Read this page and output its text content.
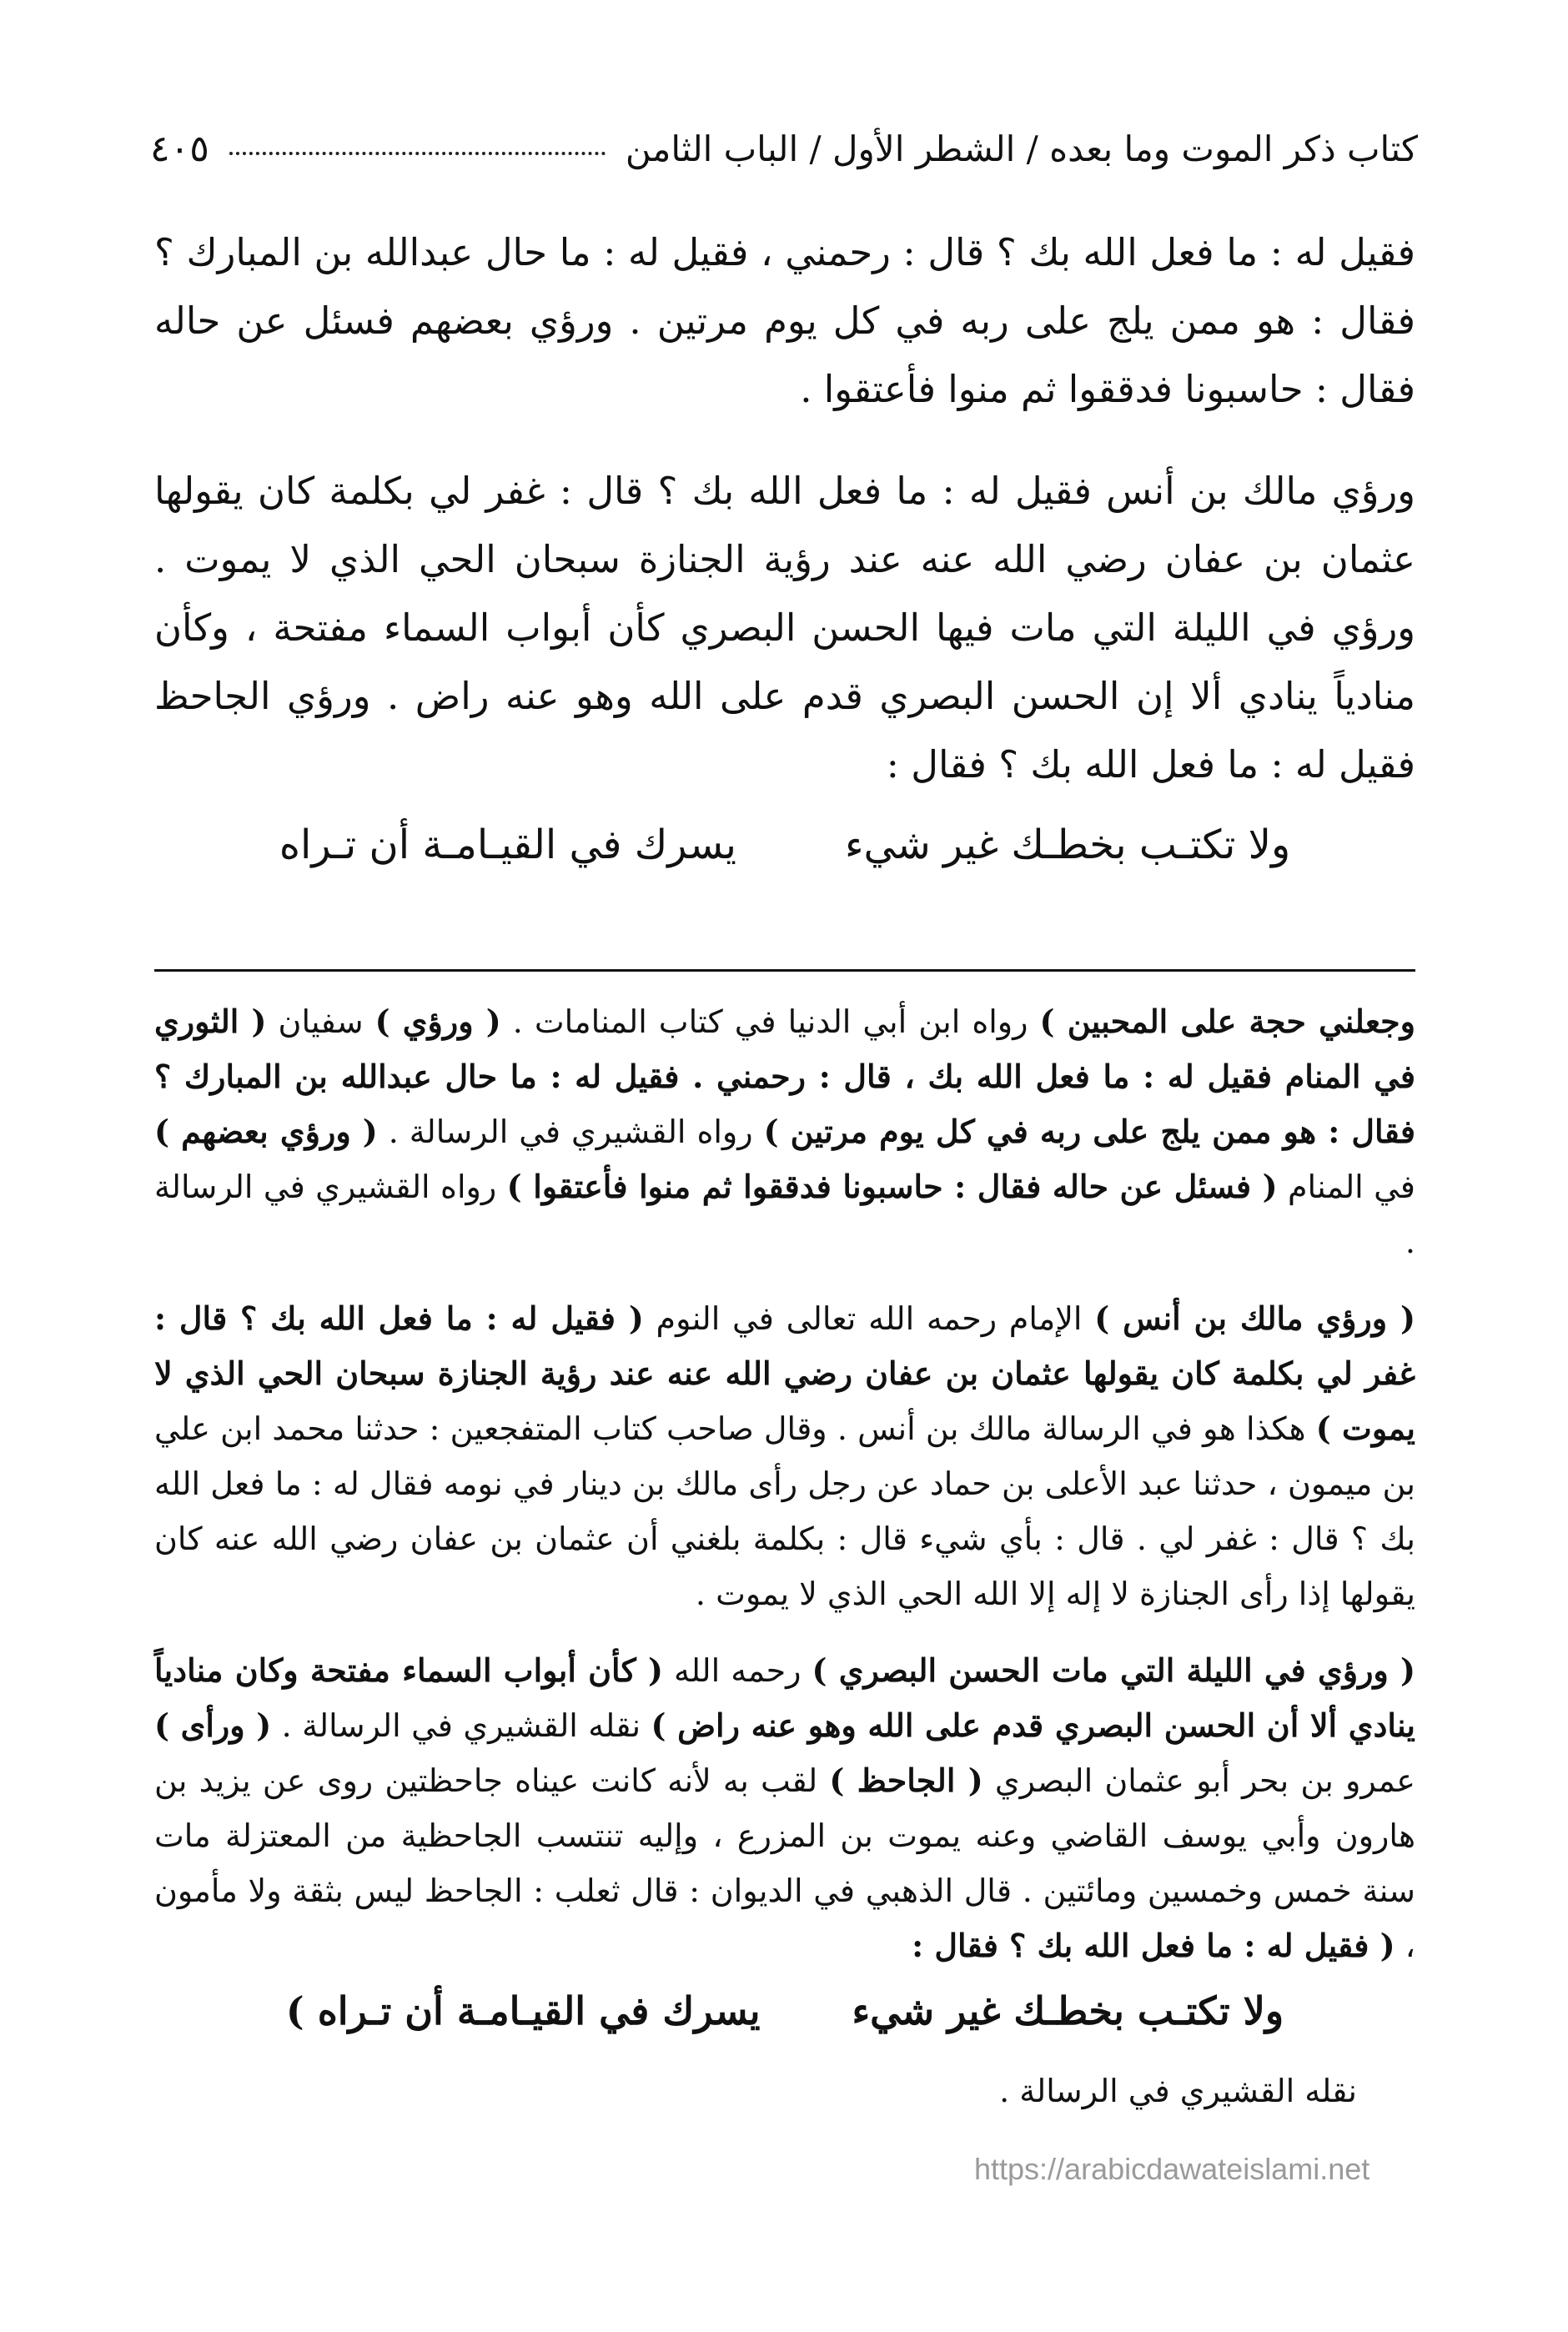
كتاب ذكر الموت وما بعده / الشطر الأول / الباب الثامن
٤٠٥

فقيل له : ما فعل الله بك ؟ قال : رحمني ، فقيل له : ما حال عبدالله بن المبارك ؟ فقال : هو ممن يلج على ربه في كل يوم مرتين . ورؤي بعضهم فسئل عن حاله فقال : حاسبونا فدققوا ثم منوا فأعتقوا .

ورؤي مالك بن أنس فقيل له : ما فعل الله بك ؟ قال : غفر لي بكلمة كان يقولها عثمان بن عفان رضي الله عنه عند رؤية الجنازة سبحان الحي الذي لا يموت . ورؤي في الليلة التي مات فيها الحسن البصري كأن أبواب السماء مفتحة ، وكأن منادياً ينادي ألا إن الحسن البصري قدم على الله وهو عنه راض . ورؤي الجاحظ فقيل له : ما فعل الله بك ؟ فقال :

ولا تكتـب بخطـك غير شيء
يسرك في القيـامـة أن تـراه

وجعلني حجة على المحبين ) رواه ابن أبي الدنيا في كتاب المنامات . ( ورؤي ) سفيان ( الثوري في المنام فقيل له : ما فعل الله بك ، قال : رحمني . فقيل له : ما حال عبدالله بن المبارك ؟ فقال : هو ممن يلج على ربه في كل يوم مرتين ) رواه القشيري في الرسالة . ( ورؤي بعضهم ) في المنام ( فسئل عن حاله فقال : حاسبونا فدققوا ثم منوا فأعتقوا ) رواه القشيري في الرسالة .

( ورؤي مالك بن أنس ) الإمام رحمه الله تعالى في النوم ( فقيل له : ما فعل الله بك ؟ قال : غفر لي بكلمة كان يقولها عثمان بن عفان رضي الله عنه عند رؤية الجنازة سبحان الحي الذي لا يموت ) هكذا هو في الرسالة مالك بن أنس . وقال صاحب كتاب المتفجعين : حدثنا محمد ابن علي بن ميمون ، حدثنا عبد الأعلى بن حماد عن رجل رأى مالك بن دينار في نومه فقال له : ما فعل الله بك ؟ قال : غفر لي . قال : بأي شيء قال : بكلمة بلغني أن عثمان بن عفان رضي الله عنه كان يقولها إذا رأى الجنازة لا إله إلا الله الحي الذي لا يموت .

( ورؤي في الليلة التي مات الحسن البصري ) رحمه الله ( كأن أبواب السماء مفتحة وكان منادياً ينادي ألا أن الحسن البصري قدم على الله وهو عنه راض ) نقله القشيري في الرسالة . ( ورأى ) عمرو بن بحر أبو عثمان البصري ( الجاحظ ) لقب به لأنه كانت عيناه جاحظتين روى عن يزيد بن هارون وأبي يوسف القاضي وعنه يموت بن المزرع ، وإليه تنتسب الجاحظية من المعتزلة مات سنة خمس وخمسين ومائتين . قال الذهبي في الديوان : قال ثعلب : الجاحظ ليس بثقة ولا مأمون ، ( فقيل له : ما فعل الله بك ؟ فقال :

ولا تكتـب بخطـك غير شيء
يسرك في القيـامـة أن تـراه )
نقله القشيري في الرسالة .
https://arabicdawateislami.net
